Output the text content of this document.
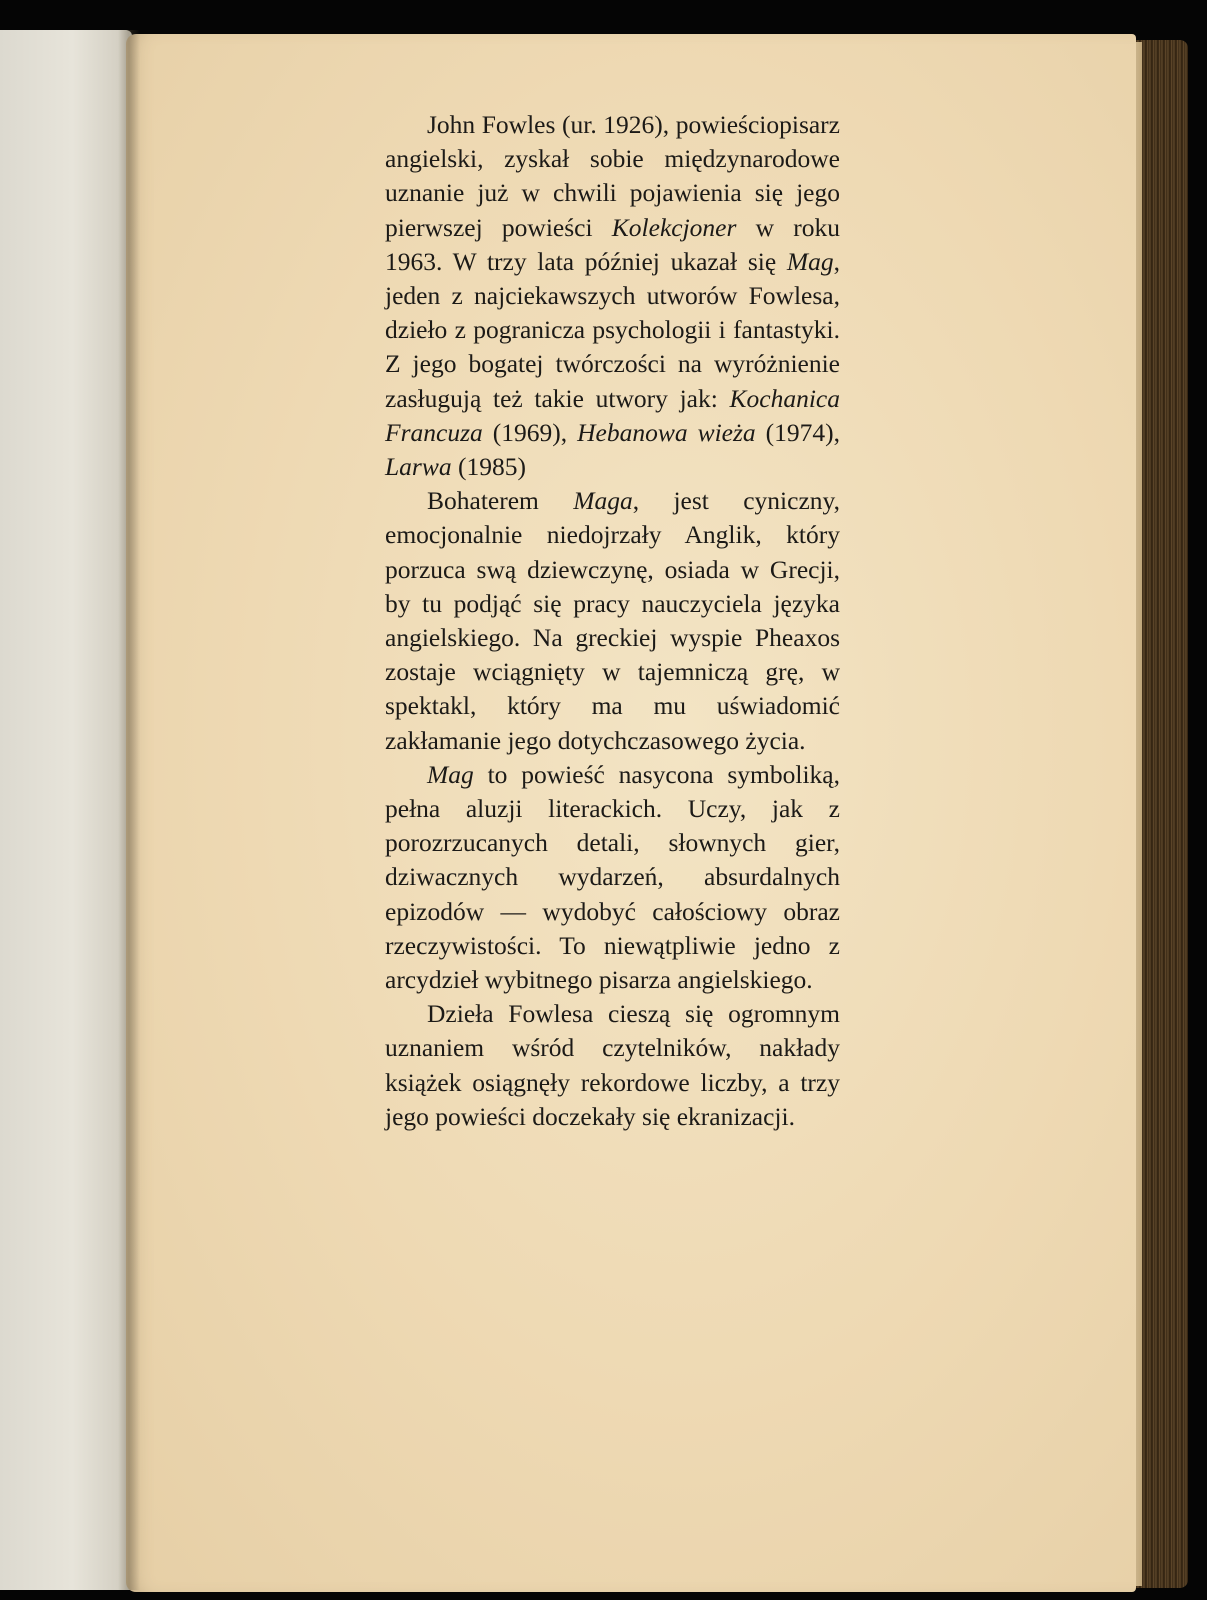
John Fowles (ur. 1926), powieściopisarz angielski, zyskał sobie międzynarodowe uznanie już w chwili pojawienia się jego pierwszej powieści Kolekcjoner w roku 1963. W trzy lata później ukazał się Mag, jeden z najciekawszych utworów Fowlesa, dzieło z pogranicza psychologii i fantastyki. Z jego bogatej twórczości na wyróżnienie zasługują też takie utwory jak: Kochanica Francuza (1969), Hebanowa wieża (1974), Larwa (1985)

Bohaterem Maga, jest cyniczny, emocjonalnie niedojrzały Anglik, który porzuca swą dziewczynę, osiada w Grecji, by tu podjąć się pracy nauczyciela języka angielskiego. Na greckiej wyspie Pheaxos zostaje wciągnięty w tajemniczą grę, w spektakl, który ma mu uświadomić zakłamanie jego dotychczasowego życia.

Mag to powieść nasycona symboliką, pełna aluzji literackich. Uczy, jak z porozrzucanych detali, słownych gier, dziwacznych wydarzeń, absurdalnych epizodów — wydobyć całościowy obraz rzeczywistości. To niewątpliwie jedno z arcydzieł wybitnego pisarza angielskiego.

Dzieła Fowlesa cieszą się ogromnym uznaniem wśród czytelników, nakłady książek osiągnęły rekordowe liczby, a trzy jego powieści doczekały się ekranizacji.
